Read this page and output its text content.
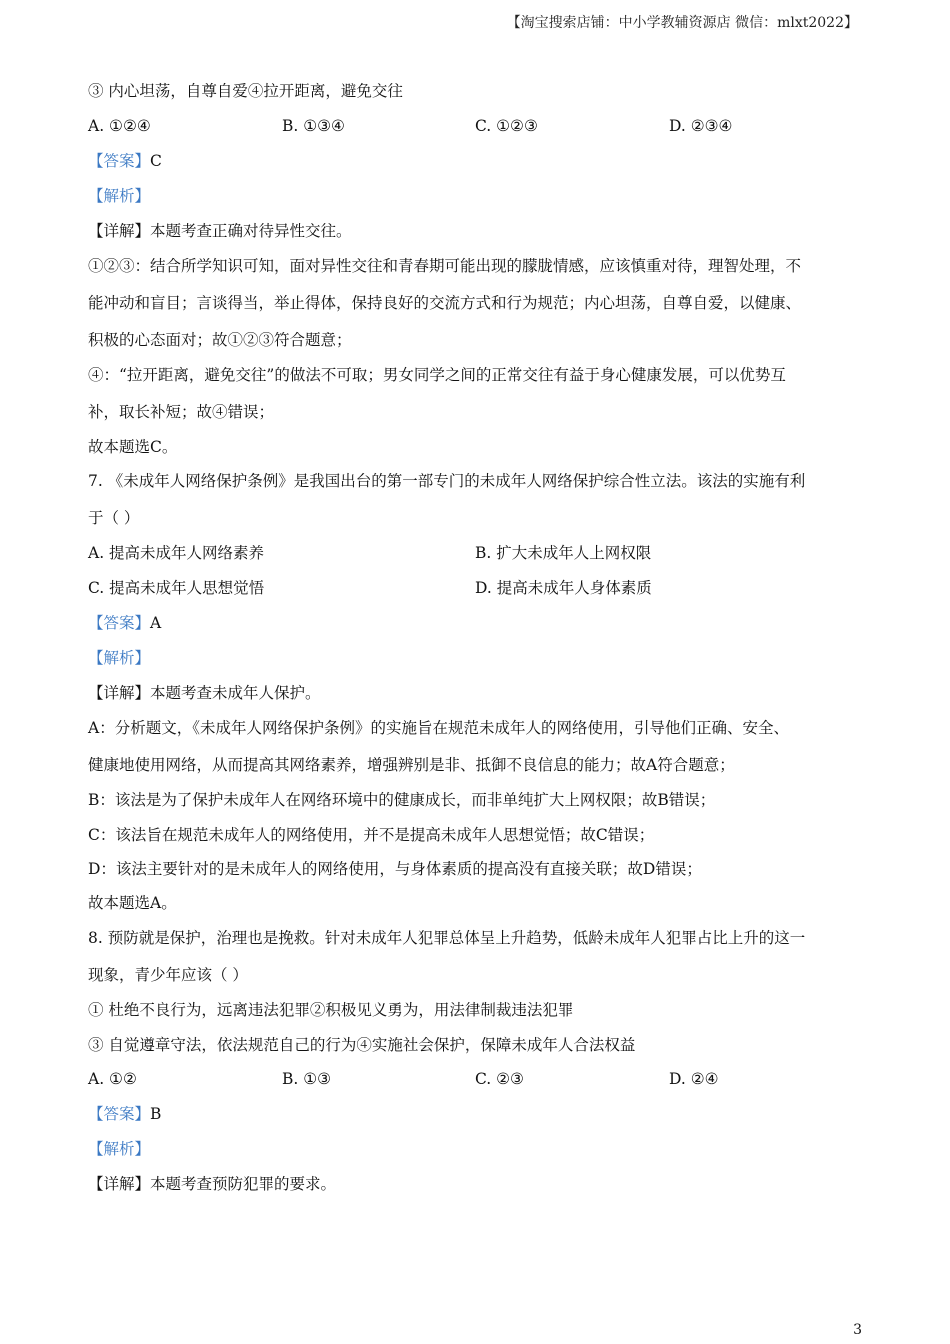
【淘宝搜索店铺：中小学教辅资源店 微信：mlxt2022】
③ 内心坦荡，自尊自爱④拉开距离，避免交往
A. ①②④	B. ①③④	C. ①②③	D. ②③④
【答案】C
【解析】
【详解】本题考查正确对待异性交往。
①②③：结合所学知识可知，面对异性交往和青春期可能出现的朦胧情感，应该慎重对待，理智处理，不
能冲动和盲目；言谈得当，举止得体，保持良好的交流方式和行为规范；内心坦荡，自尊自爱，以健康、
积极的心态面对；故①②③符合题意；
④：“拉开距离，避免交往”的做法不可取；男女同学之间的正常交往有益于身心健康发展，可以优势互
补，取长补短；故④错误；
故本题选C。
7. 《未成年人网络保护条例》是我国出台的第一部专门的未成年人网络保护综合性立法。该法的实施有利
于（ ）
A. 提高未成年人网络素养	B. 扩大未成年人上网权限
C. 提高未成年人思想觉悟	D. 提高未成年人身体素质
【答案】A
【解析】
【详解】本题考查未成年人保护。
A：分析题文，《未成年人网络保护条例》的实施旨在规范未成年人的网络使用，引导他们正确、安全、
健康地使用网络，从而提高其网络素养，增强辨别是非、抵御不良信息的能力；故A符合题意；
B：该法是为了保护未成年人在网络环境中的健康成长，而非单纯扩大上网权限；故B错误；
C：该法旨在规范未成年人的网络使用，并不是提高未成年人思想觉悟；故C错误；
D：该法主要针对的是未成年人的网络使用，与身体素质的提高没有直接关联；故D错误；
故本题选A。
8. 预防就是保护，治理也是挽救。针对未成年人犯罪总体呈上升趋势，低龄未成年人犯罪占比上升的这一
现象，青少年应该（ ）
① 杜绝不良行为，远离违法犯罪②积极见义勇为，用法律制裁违法犯罪
③ 自觉遵章守法，依法规范自己的行为④实施社会保护，保障未成年人合法权益
A. ①②	B. ①③	C. ②③	D. ②④
【答案】B
【解析】
【详解】本题考查预防犯罪的要求。
3
